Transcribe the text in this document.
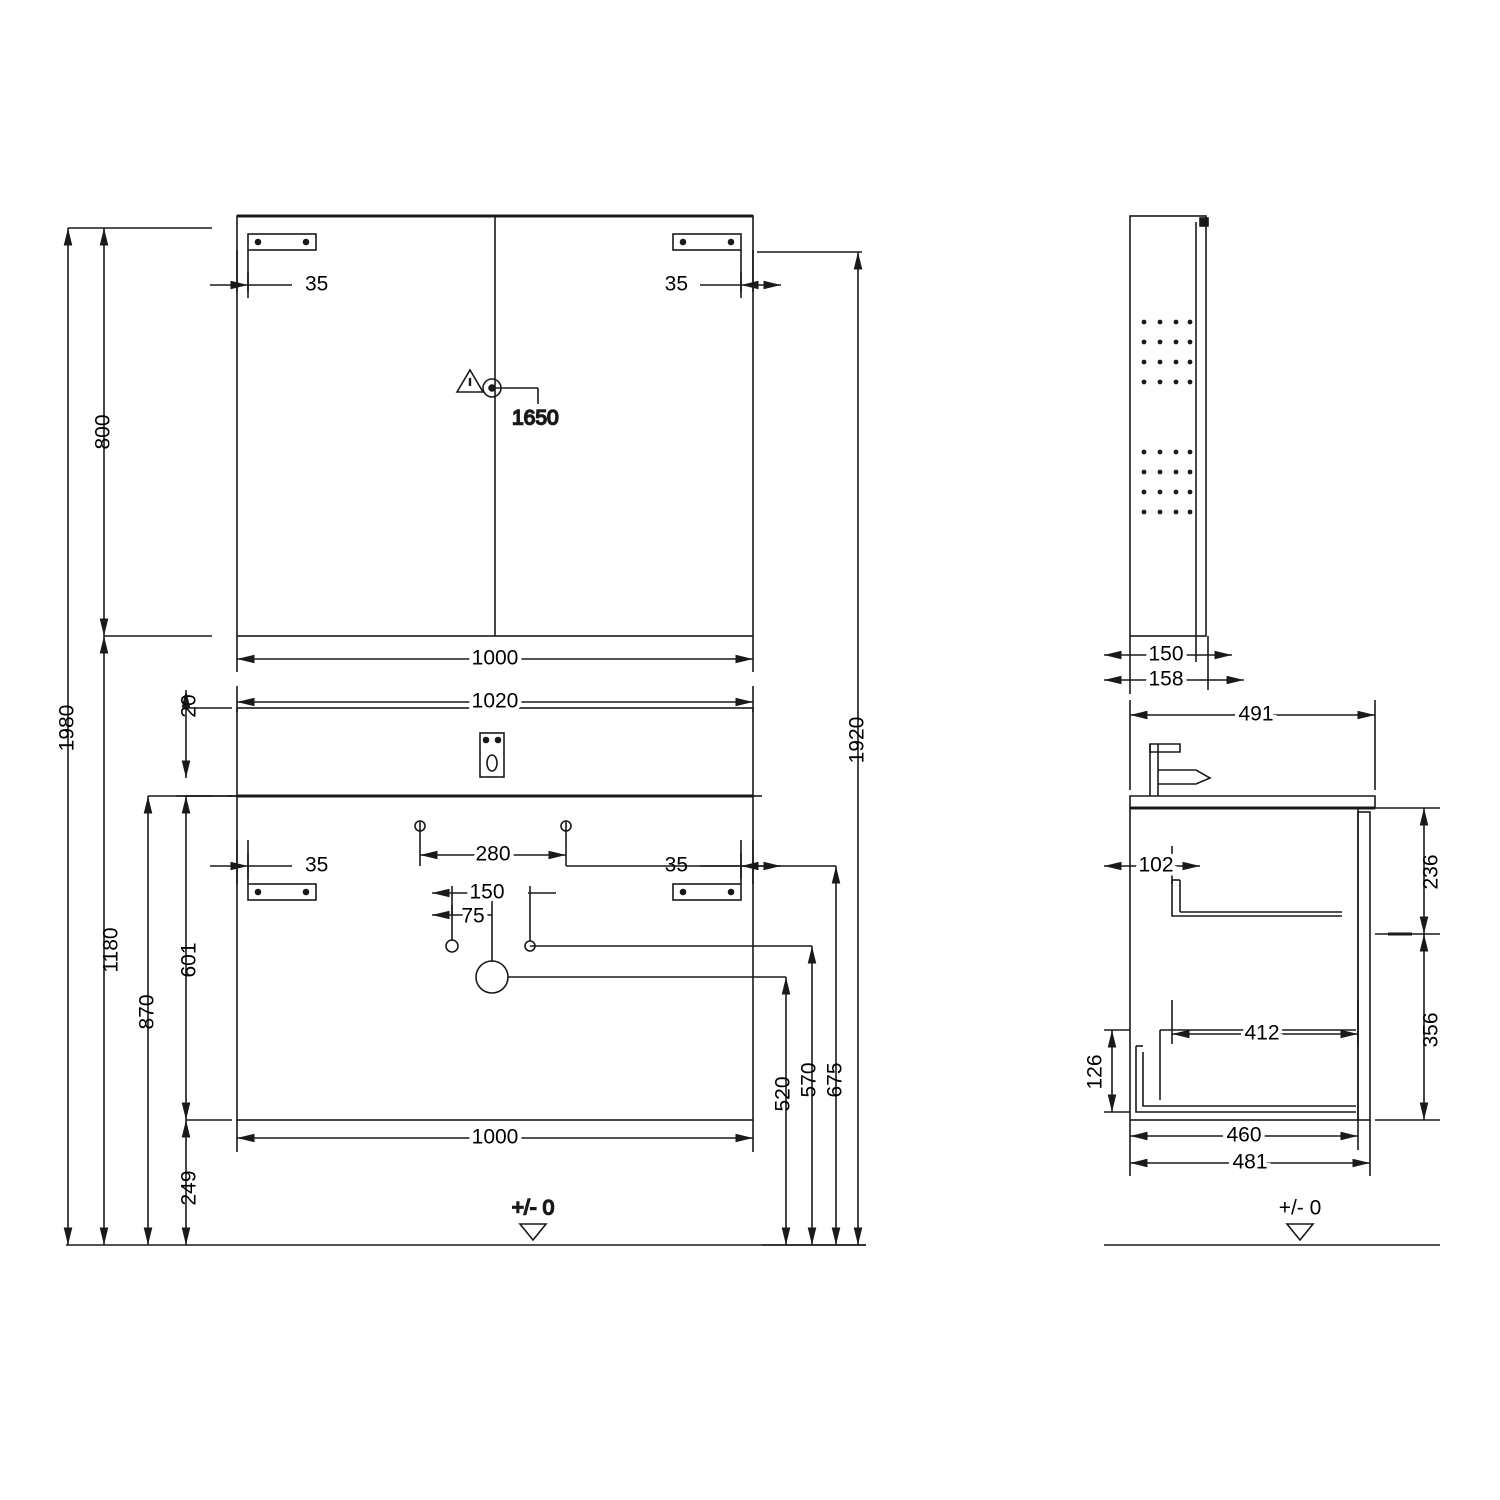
1650
+/- 0
35	35
1000
1020
1000
35	35
280
150
75
1980
800
1180
870
601
249
20
1920
675
570
520
150
158
491
102
412
460
481
126
236
356
+/- 0
